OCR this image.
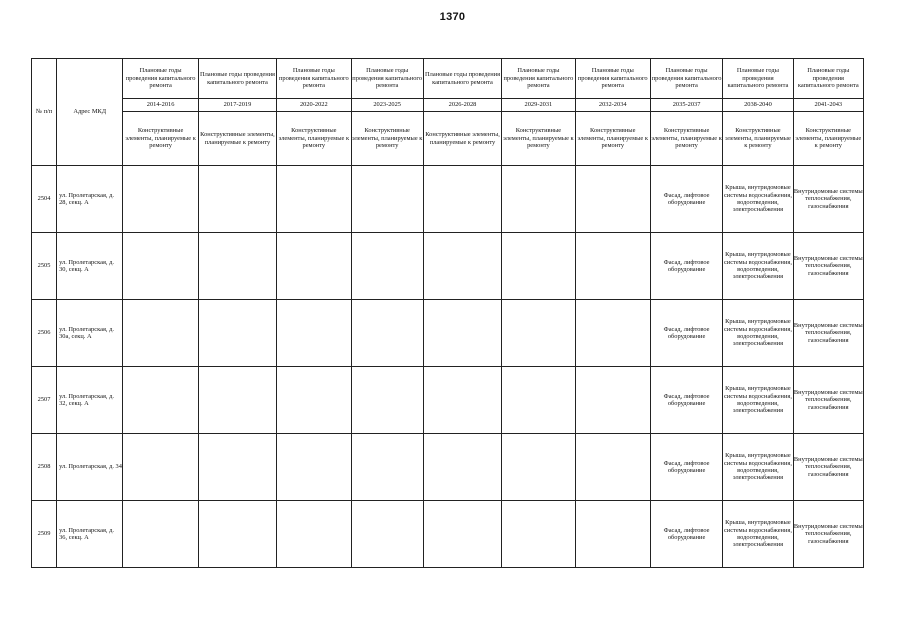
1370
№ п/п	Адрес МКД	Плановые годы проведения капитального ремонта	Плановые годы проведения капитального ремонта	Плановые годы проведения капитального ремонта	Плановые годы проведения капитального ремонта	Плановые годы проведения капитального ремонта	Плановые годы проведения капитального ремонта	Плановые годы проведения капитального ремонта	Плановые годы проведения капитального ремонта	Плановые годы проведения капитального ремонта	Плановые годы проведения капитального ремонта
		2014-2016	2017-2019	2020-2022	2023-2025	2026-2028	2029-2031	2032-2034	2035-2037	2038-2040	2041-2043
		Конструктивные элементы, планируемые к ремонту	Конструктивные элементы, планируемые к ремонту	Конструктивные элементы, планируемые к ремонту	Конструктивные элементы, планируемые к ремонту	Конструктивные элементы, планируемые к ремонту	Конструктивные элементы, планируемые к ремонту	Конструктивные элементы, планируемые к ремонту	Конструктивные элементы, планируемые к ремонту	Конструктивные элементы, планируемые к ремонту	Конструктивные элементы, планируемые к ремонту
2504	ул. Пролетарская, д. 28, секц. А								Фасад, лифтовое оборудование	Крыша, внутридомовые системы водоснабжения, водоотведения, электроснабжения	Внутридомовые системы теплоснабжения, газоснабжения
2505	ул. Пролетарская, д. 30, секц. А								Фасад, лифтовое оборудование	Крыша, внутридомовые системы водоснабжения, водоотведения, электроснабжения	Внутридомовые системы теплоснабжения, газоснабжения
2506	ул. Пролетарская, д. 30а, секц. А								Фасад, лифтовое оборудование	Крыша, внутридомовые системы водоснабжения, водоотведения, электроснабжения	Внутридомовые системы теплоснабжения, газоснабжения
2507	ул. Пролетарская, д. 32, секц. А								Фасад, лифтовое оборудование	Крыша, внутридомовые системы водоснабжения, водоотведения, электроснабжения	Внутридомовые системы теплоснабжения, газоснабжения
2508	ул. Пролетарская, д. 34								Фасад, лифтовое оборудование	Крыша, внутридомовые системы водоснабжения, водоотведения, электроснабжения	Внутридомовые системы теплоснабжения, газоснабжения
2509	ул. Пролетарская, д. 36, секц. А								Фасад, лифтовое оборудование	Крыша, внутридомовые системы водоснабжения, водоотведения, электроснабжения	Внутридомовые системы теплоснабжения, газоснабжения
